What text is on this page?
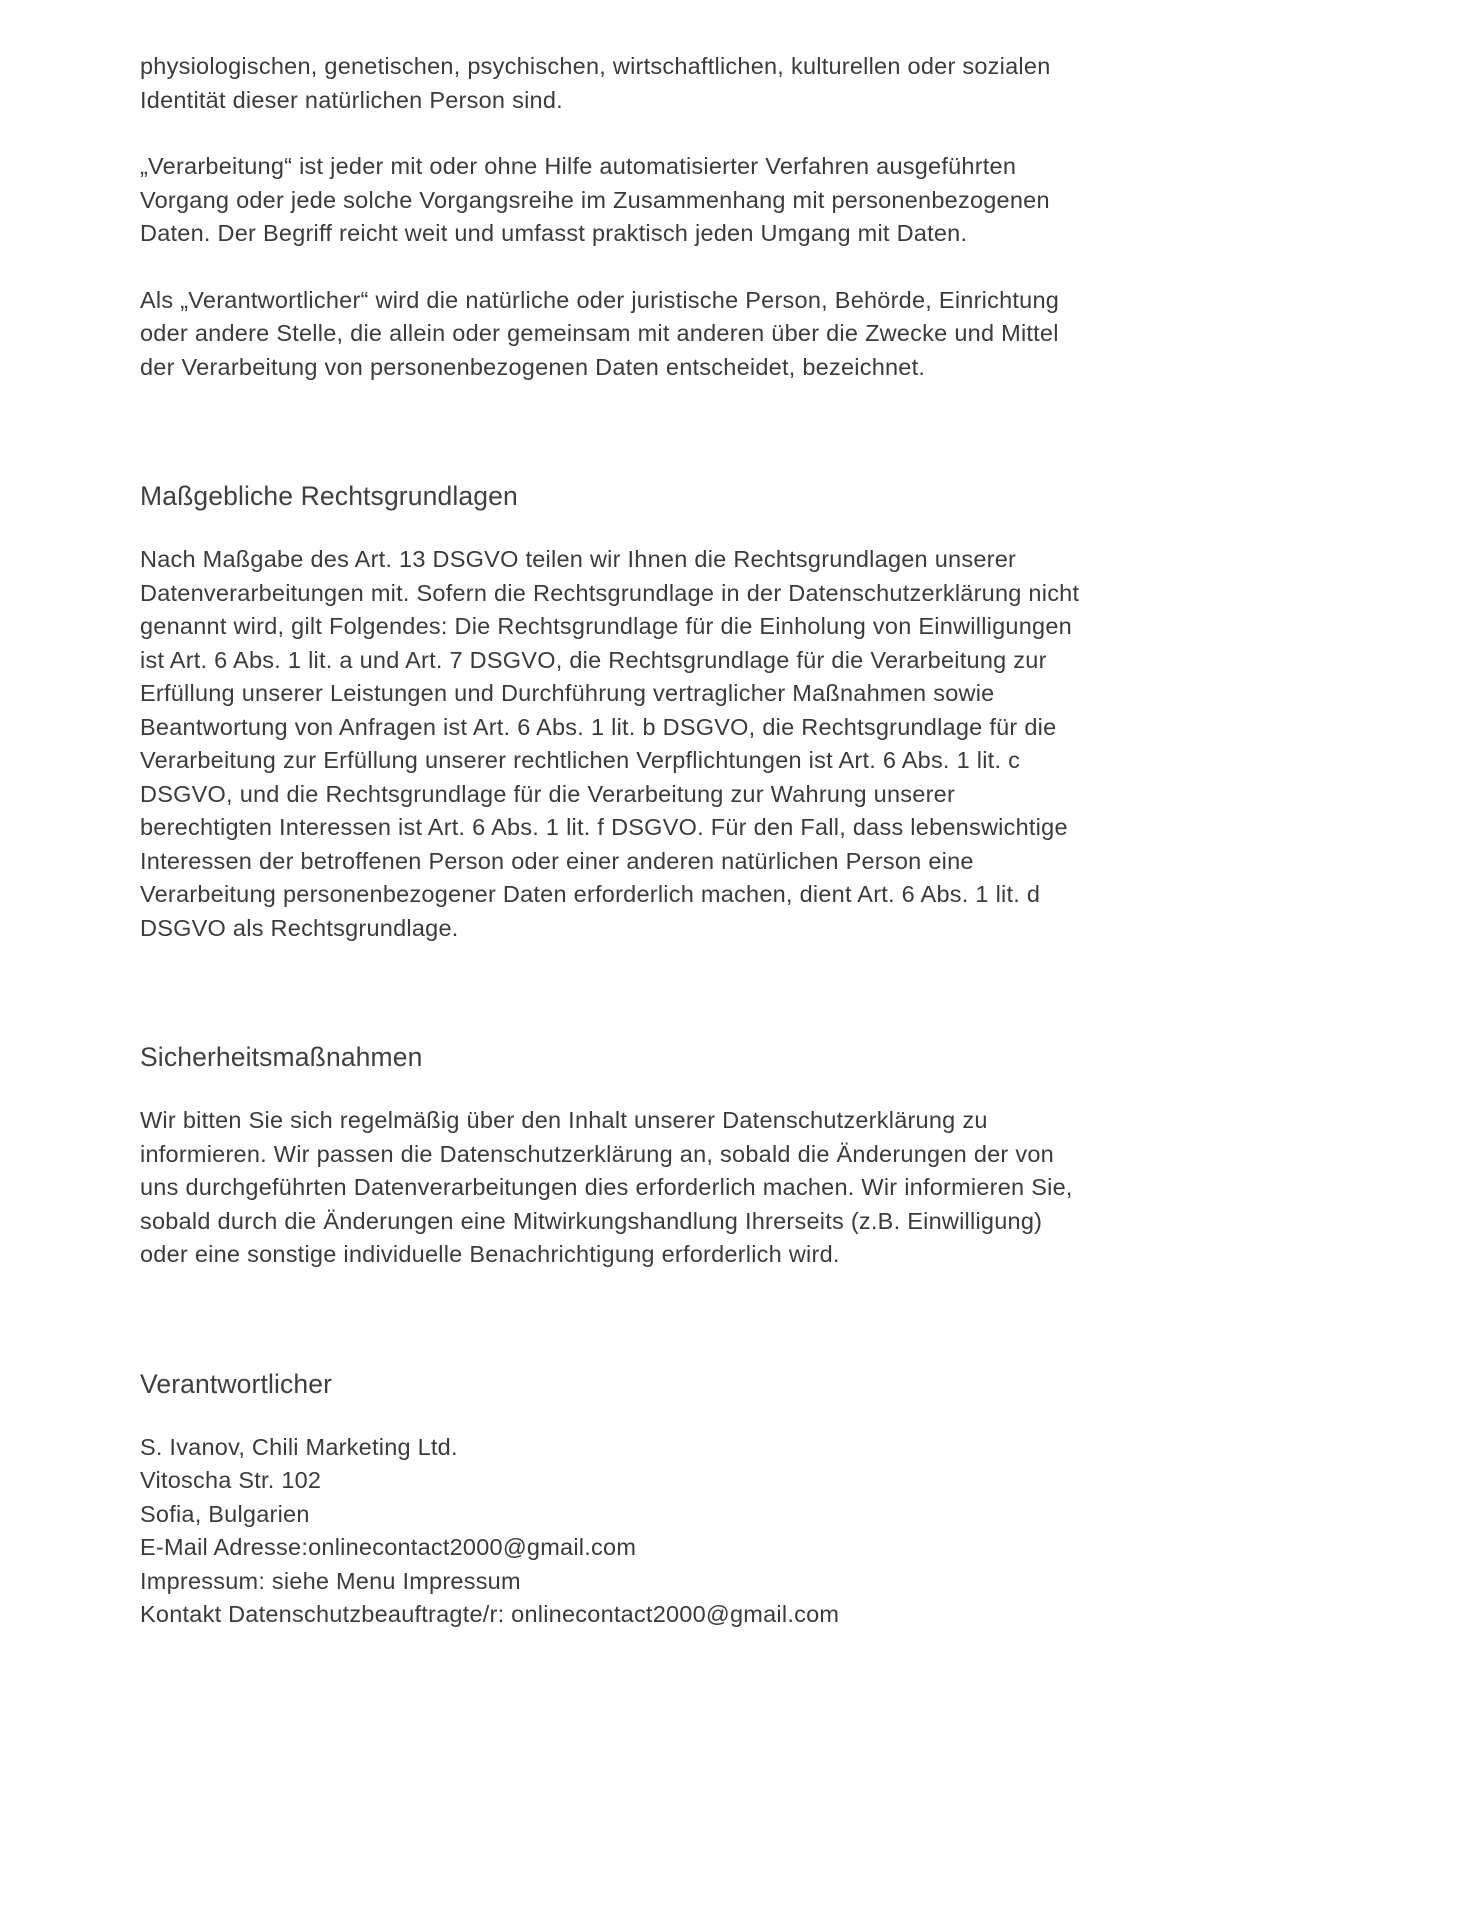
physiologischen, genetischen, psychischen, wirtschaftlichen, kulturellen oder sozialen Identität dieser natürlichen Person sind.

„Verarbeitung“ ist jeder mit oder ohne Hilfe automatisierter Verfahren ausgeführten Vorgang oder jede solche Vorgangsreihe im Zusammenhang mit personenbezogenen Daten. Der Begriff reicht weit und umfasst praktisch jeden Umgang mit Daten.

Als „Verantwortlicher“ wird die natürliche oder juristische Person, Behörde, Einrichtung oder andere Stelle, die allein oder gemeinsam mit anderen über die Zwecke und Mittel der Verarbeitung von personenbezogenen Daten entscheidet, bezeichnet.

Maßgebliche Rechtsgrundlagen

Nach Maßgabe des Art. 13 DSGVO teilen wir Ihnen die Rechtsgrundlagen unserer Datenverarbeitungen mit. Sofern die Rechtsgrundlage in der Datenschutzerklärung nicht genannt wird, gilt Folgendes: Die Rechtsgrundlage für die Einholung von Einwilligungen ist Art. 6 Abs. 1 lit. a und Art. 7 DSGVO, die Rechtsgrundlage für die Verarbeitung zur Erfüllung unserer Leistungen und Durchführung vertraglicher Maßnahmen sowie Beantwortung von Anfragen ist Art. 6 Abs. 1 lit. b DSGVO, die Rechtsgrundlage für die Verarbeitung zur Erfüllung unserer rechtlichen Verpflichtungen ist Art. 6 Abs. 1 lit. c DSGVO, und die Rechtsgrundlage für die Verarbeitung zur Wahrung unserer berechtigten Interessen ist Art. 6 Abs. 1 lit. f DSGVO. Für den Fall, dass lebenswichtige Interessen der betroffenen Person oder einer anderen natürlichen Person eine Verarbeitung personenbezogener Daten erforderlich machen, dient Art. 6 Abs. 1 lit. d DSGVO als Rechtsgrundlage.

Sicherheitsmaßnahmen

Wir bitten Sie sich regelmäßig über den Inhalt unserer Datenschutzerklärung zu informieren. Wir passen die Datenschutzerklärung an, sobald die Änderungen der von uns durchgeführten Datenverarbeitungen dies erforderlich machen. Wir informieren Sie, sobald durch die Änderungen eine Mitwirkungshandlung Ihrerseits (z.B. Einwilligung) oder eine sonstige individuelle Benachrichtigung erforderlich wird.

Verantwortlicher
S. Ivanov, Chili Marketing Ltd.
Vitoscha Str. 102
Sofia, Bulgarien
E-Mail Adresse:onlinecontact2000@gmail.com
Impressum: siehe Menu Impressum
Kontakt Datenschutzbeauftragte/r: onlinecontact2000@gmail.com
